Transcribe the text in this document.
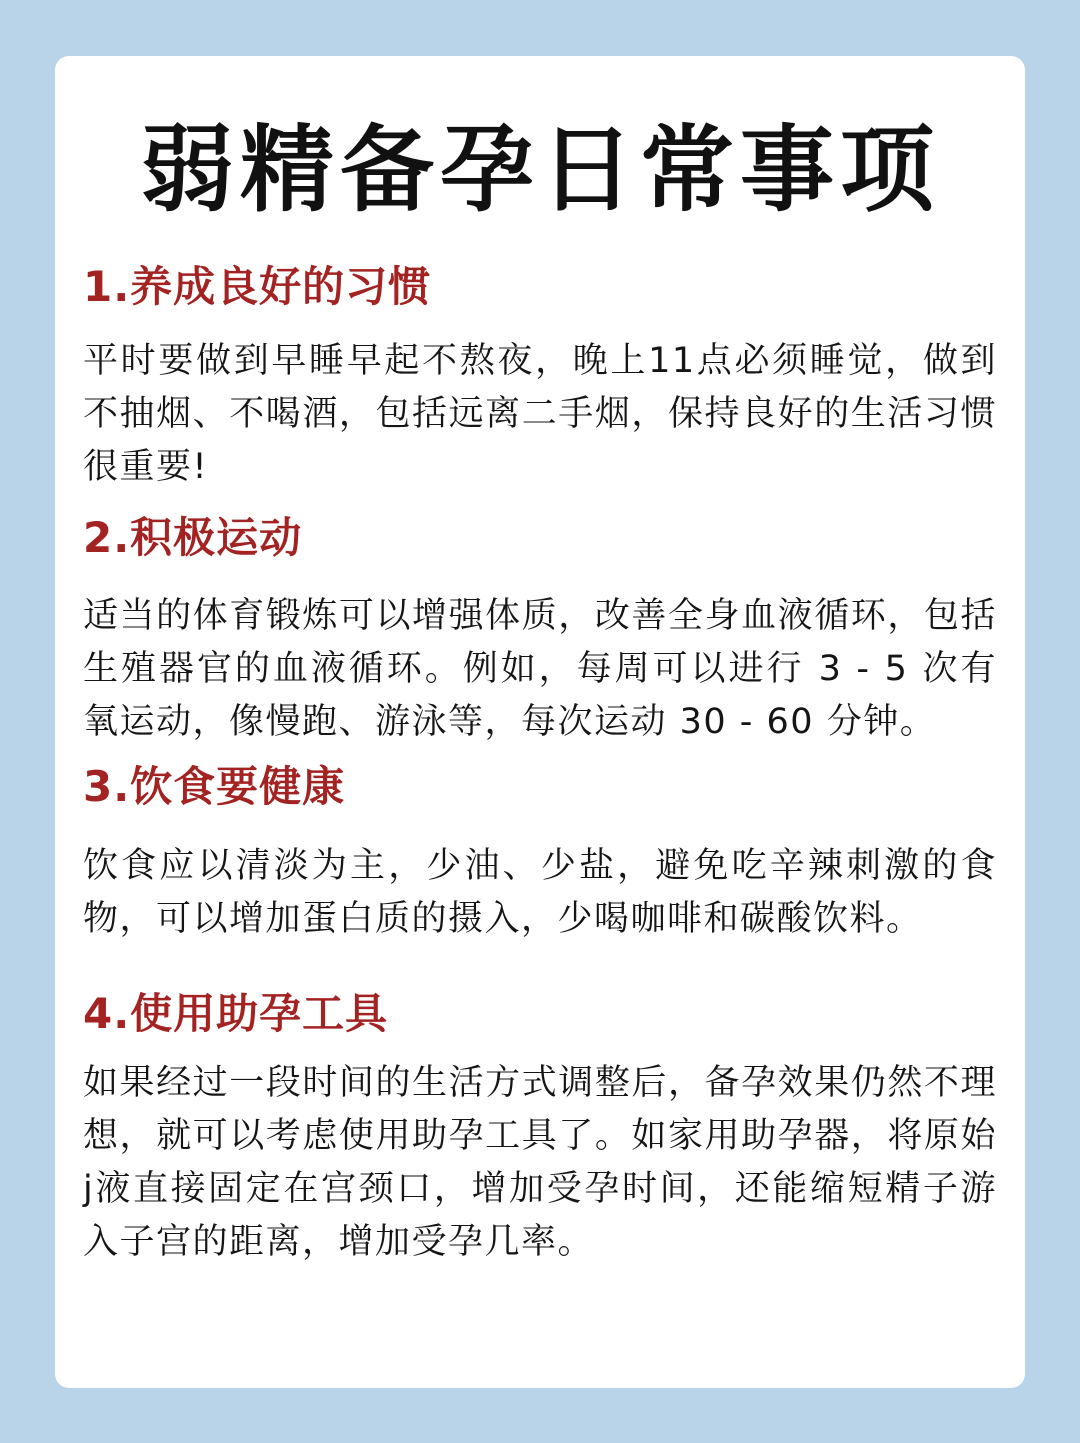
弱精备孕日常事项
1.养成良好的习惯

平时要做到早睡早起不熬夜，晚上11点必须睡觉，做到不抽烟、不喝酒，包括远离二手烟，保持良好的生活习惯很重要!

2.积极运动

适当的体育锻炼可以增强体质，改善全身血液循环，包括生殖器官的血液循环。例如，每周可以进行 3 - 5 次有氧运动，像慢跑、游泳等，每次运动 30 - 60 分钟。

3.饮食要健康

饮食应以清淡为主，少油、少盐，避免吃辛辣刺激的食物，可以增加蛋白质的摄入，少喝咖啡和碳酸饮料。

4.使用助孕工具

如果经过一段时间的生活方式调整后，备孕效果仍然不理想，就可以考虑使用助孕工具了。如家用助孕器，将原始j液直接固定在宫颈口，增加受孕时间，还能缩短精子游入子宫的距离，增加受孕几率。
